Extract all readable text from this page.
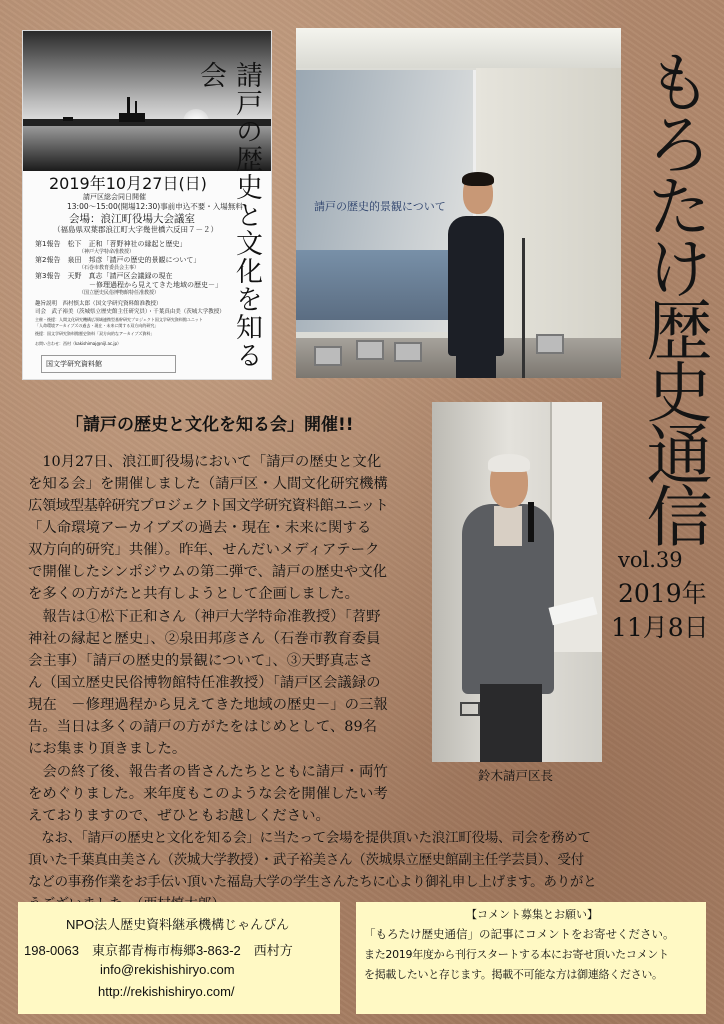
請戸の歴史と文化を知る会
2019年10月27日(日)
請戸区総会同日開催
13:00～15:00(開場12:30)事前申込不要・入場無料
会場：浪江町役場大会議室
（福島県双葉郡浪江町大字幾世橋六反田７－２）
第1報告　松下　正和「苕野神社の縁起と歴史」
（神戸大学特命准教授）
第2報告　泉田　邦彦「請戸の歴史的景観について」
（石巻市教育委員会主事）
第3報告　天野　真志「請戸区会議録の現在
－修理過程から見えてきた地域の歴史－」
（国立歴史民俗博物館特任准教授）
趣旨説明　西村慎太郎（国文学研究資料館准教授）
司会　武子裕美（茨城県立歴史館主任研究員）・千葉真由美（茨城大学教授）
主催・後援：人間文化研究機構広領域連携型基幹研究プロジェクト国文学研究資料館ユニット
「人命環境アーカイブズの過去・現在・未来に関する双方向的研究」
後援：国文学研究資料館歴史資料「双方向的なアーカイブズ資料」
お問い合わせ：西村（kakishimaj@nijl.ac.jp）
国文学研究資料館
請戸の歴史的景観について	もろたけ歴史通信
vol.39
2019年
11月8日
「請戸の歴史と文化を知る会」開催!!
　10月27日、浪江町役場において「請戸の歴史と文化
を知る会」を開催しました（請戸区・人間文化研究機構
広領域型基幹研究プロジェクト国文学研究資料館ユニット
「人命環境アーカイブズの過去・現在・未来に関する
双方向的研究」共催）。昨年、せんだいメディアテーク
で開催したシンポジウムの第二弾で、請戸の歴史や文化
を多くの方がたと共有しようとして企画しました。
　報告は①松下正和さん（神戸大学特命准教授）「苕野
神社の縁起と歴史」、②泉田邦彦さん（石巻市教育委員
会主事）「請戸の歴史的景観について」、③天野真志さ
ん（国立歴史民俗博物館特任准教授）「請戸区会議録の
現在　－修理過程から見えてきた地域の歴史－」の三報
告。当日は多くの請戸の方がたをはじめとして、89名
にお集まり頂きました。
　会の終了後、報告者の皆さんたちとともに請戸・両竹
をめぐりました。来年度もこのような会を開催したい考
えておりますので、ぜひともお越しください。
　なお、「請戸の歴史と文化を知る会」に当たって会場を提供頂いた浪江町役場、司会を務めて
頂いた千葉真由美さん（茨城大学教授）・武子裕美さん（茨城県立歴史館副主任学芸員）、受付
などの事務作業をお手伝い頂いた福島大学の学生さんたちに心より御礼申し上げます。ありがと
鈴木請戸区長
NPO法人歴史資料継承機構じゃんぴん
198-0063　東京都青梅市梅郷3-863-2　西村方
info@rekishishiryo.com
http://rekishishiryo.com/
【コメント募集とお願い】
「もろたけ歴史通信」の記事にコメントをお寄せください。
また2019年度から刊行スタートする本にお寄せ頂いたコメント
を掲載したいと存じます。掲載不可能な方は御連絡ください。
